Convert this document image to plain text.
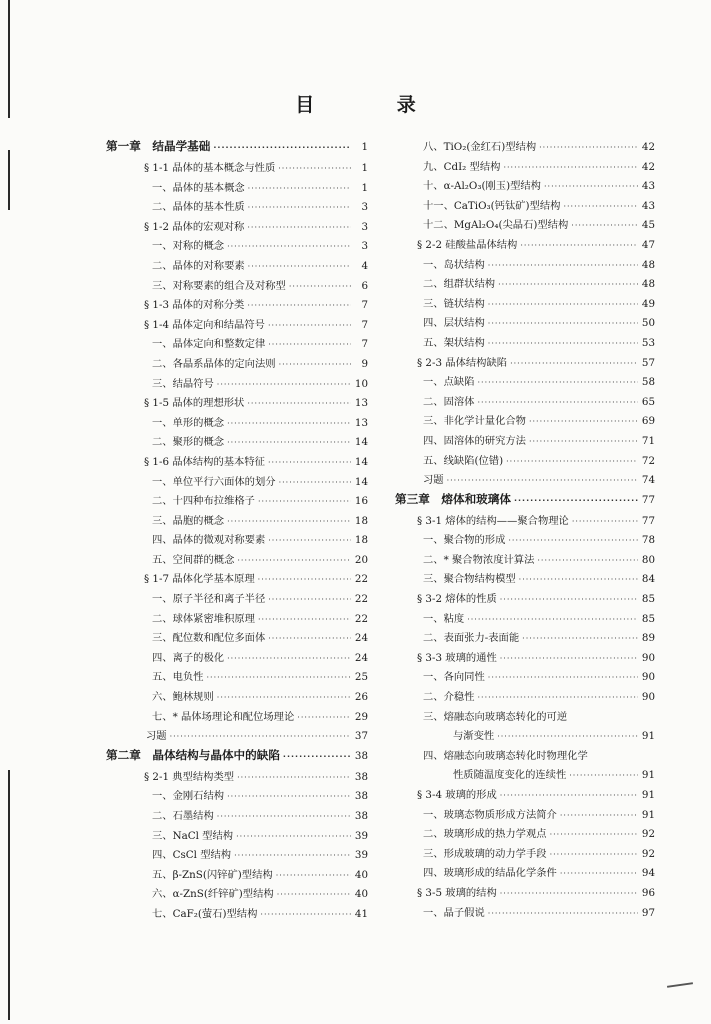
目 录
第一章　结晶学基础 ·····	1
§ 1-1 晶体的基本概念与性质 ·····	1
一、晶体的基本概念 ·····	1
二、晶体的基本性质 ·····	3
§ 1-2 晶体的宏观对称 ·····	3
一、对称的概念 ·····	3
二、晶体的对称要素 ·····	4
三、对称要素的组合及对称型 ·····	6
§ 1-3 晶体的对称分类 ·····	7
§ 1-4 晶体定向和结晶符号 ·····	7
一、晶体定向和整数定律 ·····	7
二、各晶系晶体的定向法则 ·····	9
三、结晶符号 ·····	10
§ 1-5 晶体的理想形状 ·····	13
一、单形的概念 ·····	13
二、聚形的概念 ·····	14
§ 1-6 晶体结构的基本特征 ·····	14
一、单位平行六面体的划分 ·····	14
二、十四种布拉维格子 ·····	16
三、晶胞的概念 ·····	18
四、晶体的微观对称要素 ·····	18
五、空间群的概念 ·····	20
§ 1-7 晶体化学基本原理 ·····	22
一、原子半径和离子半径 ·····	22
二、球体紧密堆积原理 ·····	22
三、配位数和配位多面体 ·····	24
四、离子的极化 ·····	24
五、电负性 ·····	25
六、鲍林规则 ·····	26
七、* 晶体场理论和配位场理论 ·····	29
习题 ·····	37
第二章　晶体结构与晶体中的缺陷 ·····	38
§ 2-1 典型结构类型 ·····	38
一、金刚石结构 ·····	38
二、石墨结构 ·····	38
三、NaCl 型结构 ·····	39
四、CsCl 型结构 ·····	39
五、β-ZnS(闪锌矿)型结构 ·····	40
六、α-ZnS(纤锌矿)型结构 ·····	40
七、CaF₂(萤石)型结构 ·····	41
八、TiO₂(金红石)型结构 ·····	42
九、CdI₂ 型结构 ·····	42
十、α-Al₂O₃(刚玉)型结构 ·····	43
十一、CaTiO₃(钙钛矿)型结构 ·····	43
十二、MgAl₂O₄(尖晶石)型结构 ·····	45
§ 2-2 硅酸盐晶体结构 ·····	47
一、岛状结构 ·····	48
二、组群状结构 ·····	48
三、链状结构 ·····	49
四、层状结构 ·····	50
五、架状结构 ·····	53
§ 2-3 晶体结构缺陷 ·····	57
一、点缺陷 ·····	58
二、固溶体 ·····	65
三、非化学计量化合物 ·····	69
四、固溶体的研究方法 ·····	71
五、线缺陷(位错) ·····	72
习题 ·····	74
第三章　熔体和玻璃体 ·····	77
§ 3-1 熔体的结构——聚合物理论 ·····	77
一、聚合物的形成 ·····	78
二、* 聚合物浓度计算法 ·····	80
三、聚合物结构模型 ·····	84
§ 3-2 熔体的性质 ·····	85
一、粘度 ·····	85
二、表面张力-表面能 ·····	89
§ 3-3 玻璃的通性 ·····	90
一、各向同性 ·····	90
二、介稳性 ·····	90
三、熔融态向玻璃态转化的可逆
与渐变性 ·····	91
四、熔融态向玻璃态转化时物理化学
性质随温度变化的连续性 ·····	91
§ 3-4 玻璃的形成 ·····	91
一、玻璃态物质形成方法简介 ·····	91
二、玻璃形成的热力学观点 ·····	92
三、形成玻璃的动力学手段 ·····	92
四、玻璃形成的结晶化学条件 ·····	94
§ 3-5 玻璃的结构 ·····	96
一、晶子假说 ·····	97
